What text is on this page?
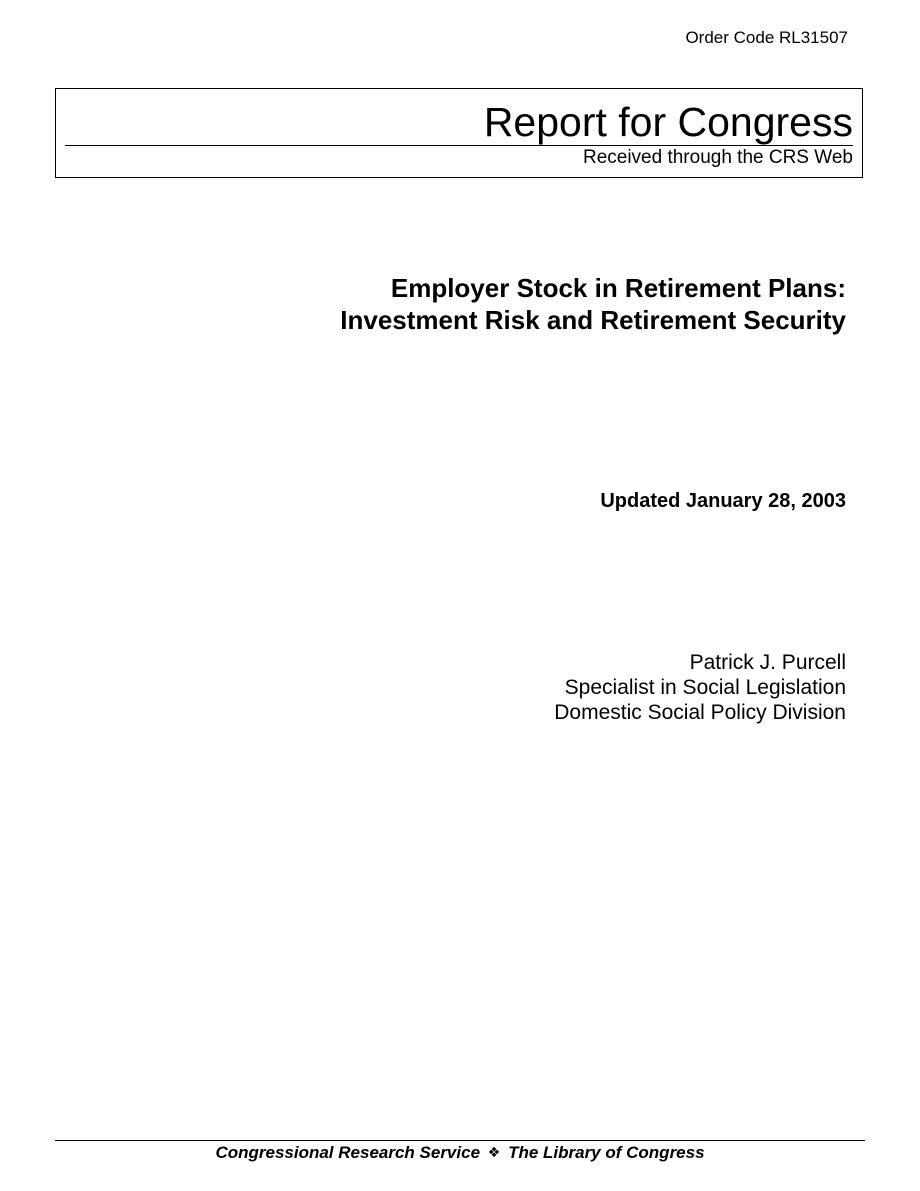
Order Code RL31507
Report for Congress
Received through the CRS Web
Employer Stock in Retirement Plans:
Investment Risk and Retirement Security
Updated January 28, 2003
Patrick J. Purcell
Specialist in Social Legislation
Domestic Social Policy Division
Congressional Research Service ❖ The Library of Congress
